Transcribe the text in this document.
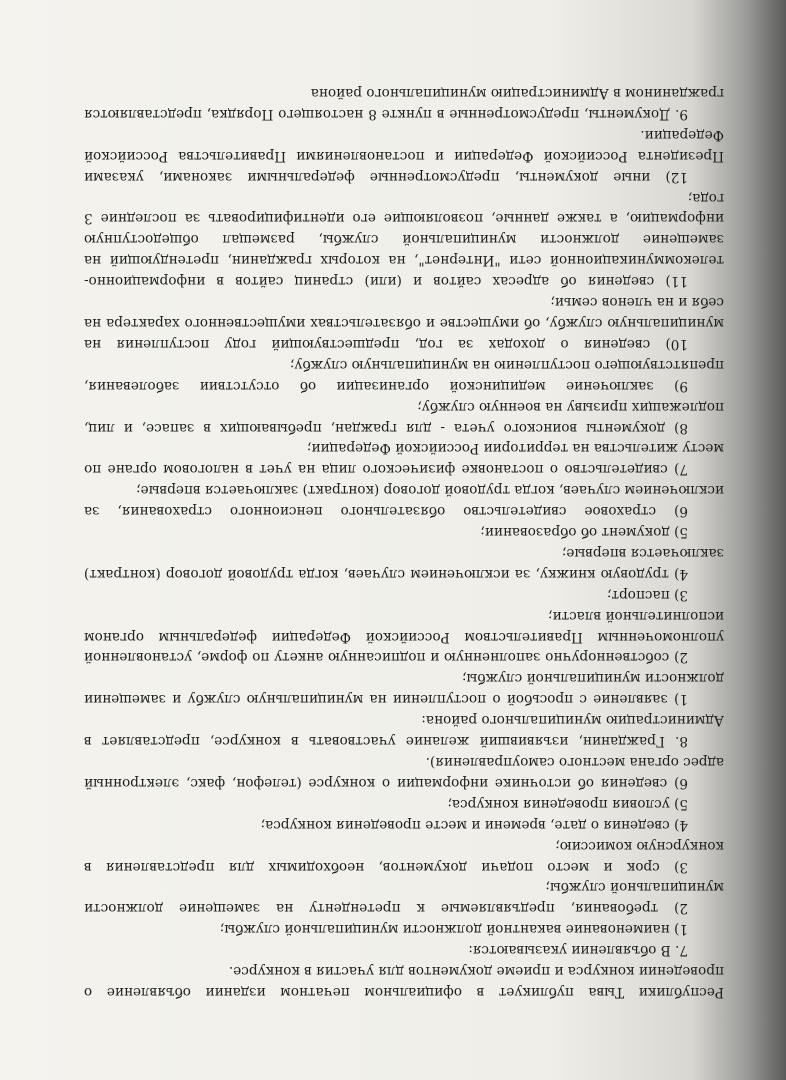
Республики Тыва публикует в официальном печатном издании объявление о проведении конкурса и приеме документов для участия в конкурсе.

7. В объявлении указываются:

1) наименование вакантной должности муниципальной службы;

2) требования, предъявляемые к претенденту на замещение должности муниципальной службы;

3) срок и место подачи документов, необходимых для представления в конкурсную комиссию;

4) сведения о дате, времени и месте проведения конкурса;

5) условия проведения конкурса;

6) сведения об источнике информации о конкурсе (телефон, факс, электронный адрес органа местного самоуправления).

8. Гражданин, изъявивший желание участвовать в конкурсе, представляет в Администрацию муниципального района:

1) заявление с просьбой о поступлении на муниципальную службу и замещении должности муниципальной службы;

2) собственноручно заполненную и подписанную анкету по форме, установленной уполномоченным Правительством Российской Федерации федеральным органом исполнительной власти;

3) паспорт;

4) трудовую книжку, за исключением случаев, когда трудовой договор (контракт) заключается впервые;

5) документ об образовании;

6) страховое свидетельство обязательного пенсионного страхования, за исключением случаев, когда трудовой договор (контракт) заключается впервые;

7) свидетельство о постановке физического лица на учет в налоговом органе по месту жительства на территории Российской Федерации;

8) документы воинского учета - для граждан, пребывающих в запасе, и лиц, подлежащих призыву на военную службу;

9) заключение медицинской организации об отсутствии заболевания, препятствующего поступлению на муниципальную службу;

10) сведения о доходах за год, предшествующий году поступления на муниципальную службу, об имуществе и обязательствах имущественного характера на себя и на членов семьи;

11) сведения об адресах сайтов и (или) страниц сайтов в информационно-телекоммуникационной сети "Интернет", на которых гражданин, претендующий на замещение должности муниципальной службы, размещал общедоступную информацию, а также данные, позволяющие его идентифицировать за последние 3 года;

12) иные документы, предусмотренные федеральными законами, указами Президента Российской Федерации и постановлениями Правительства Российской Федерации.

9. Документы, предусмотренные в пункте 8 настоящего Порядка, представляются гражданином в Администрацию муниципального района
